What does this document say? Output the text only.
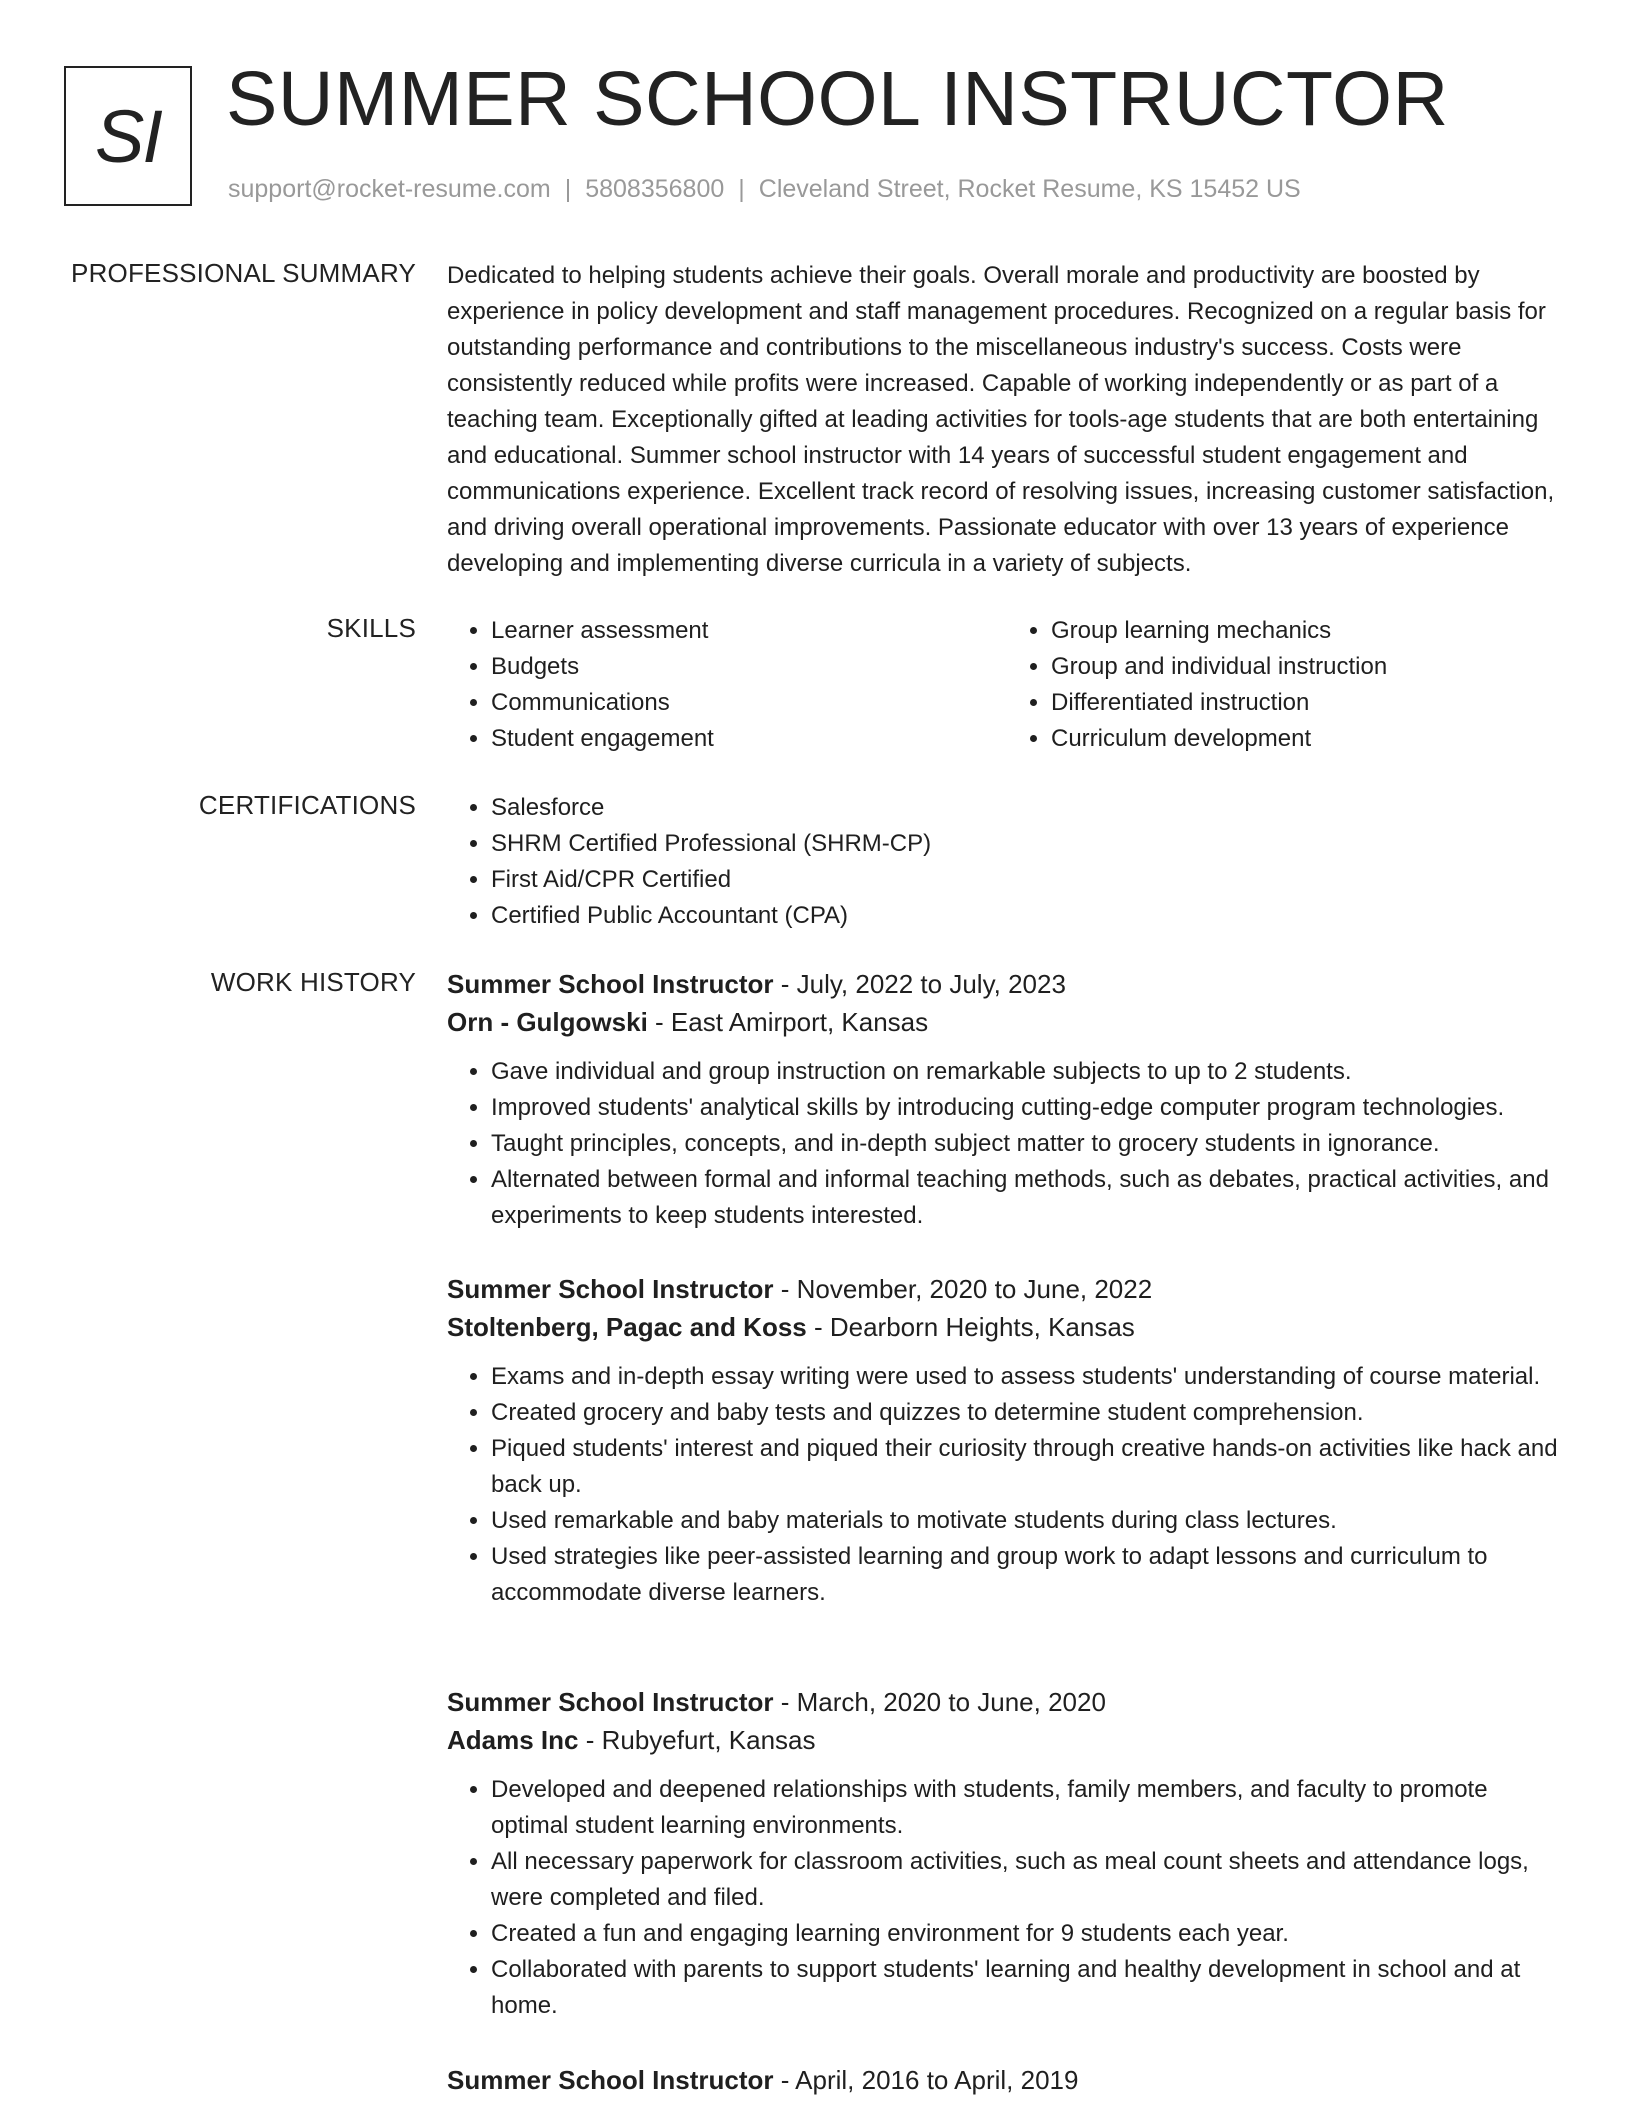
SI SUMMER SCHOOL INSTRUCTOR
support@rocket-resume.com | 5808356800 | Cleveland Street, Rocket Resume, KS 15452 US
PROFESSIONAL SUMMARY Dedicated to helping students achieve their goals. Overall morale and productivity are boosted by experience in policy development and staff management procedures. Recognized on a regular basis for outstanding performance and contributions to the miscellaneous industry's success. Costs were consistently reduced while profits were increased. Capable of working independently or as part of a teaching team. Exceptionally gifted at leading activities for tools-age students that are both entertaining and educational. Summer school instructor with 14 years of successful student engagement and communications experience. Excellent track record of resolving issues, increasing customer satisfaction, and driving overall operational improvements. Passionate educator with over 13 years of experience developing and implementing diverse curricula in a variety of subjects.

SKILLS	• Learner assessment
• Budgets
• Communications
• Student engagement
• Group learning mechanics
• Group and individual instruction
• Differentiated instruction
• Curriculum development
CERTIFICATIONS	• Salesforce
• SHRM Certified Professional (SHRM-CP)
• First Aid/CPR Certified
• Certified Public Accountant (CPA)
WORK HISTORY Summer School Instructor - July, 2022 to July, 2023
Orn - Gulgowski - East Amirport, Kansas
• Gave individual and group instruction on remarkable subjects to up to 2 students.
• Improved students' analytical skills by introducing cutting-edge computer program technologies.
• Taught principles, concepts, and in-depth subject matter to grocery students in ignorance.
• Alternated between formal and informal teaching methods, such as debates, practical activities, and experiments to keep students interested.
Summer School Instructor - November, 2020 to June, 2022
Stoltenberg, Pagac and Koss - Dearborn Heights, Kansas
• Exams and in-depth essay writing were used to assess students' understanding of course material.
• Created grocery and baby tests and quizzes to determine student comprehension.
• Piqued students' interest and piqued their curiosity through creative hands-on activities like hack and back up.
• Used remarkable and baby materials to motivate students during class lectures.
• Used strategies like peer-assisted learning and group work to adapt lessons and curriculum to accommodate diverse learners.
Summer School Instructor - March, 2020 to June, 2020
Adams Inc - Rubyefurt, Kansas
• Developed and deepened relationships with students, family members, and faculty to promote optimal student learning environments.
• All necessary paperwork for classroom activities, such as meal count sheets and attendance logs, were completed and filed.
• Created a fun and engaging learning environment for 9 students each year.
• Collaborated with parents to support students' learning and healthy development in school and at home.
Summer School Instructor - April, 2016 to April, 2019
